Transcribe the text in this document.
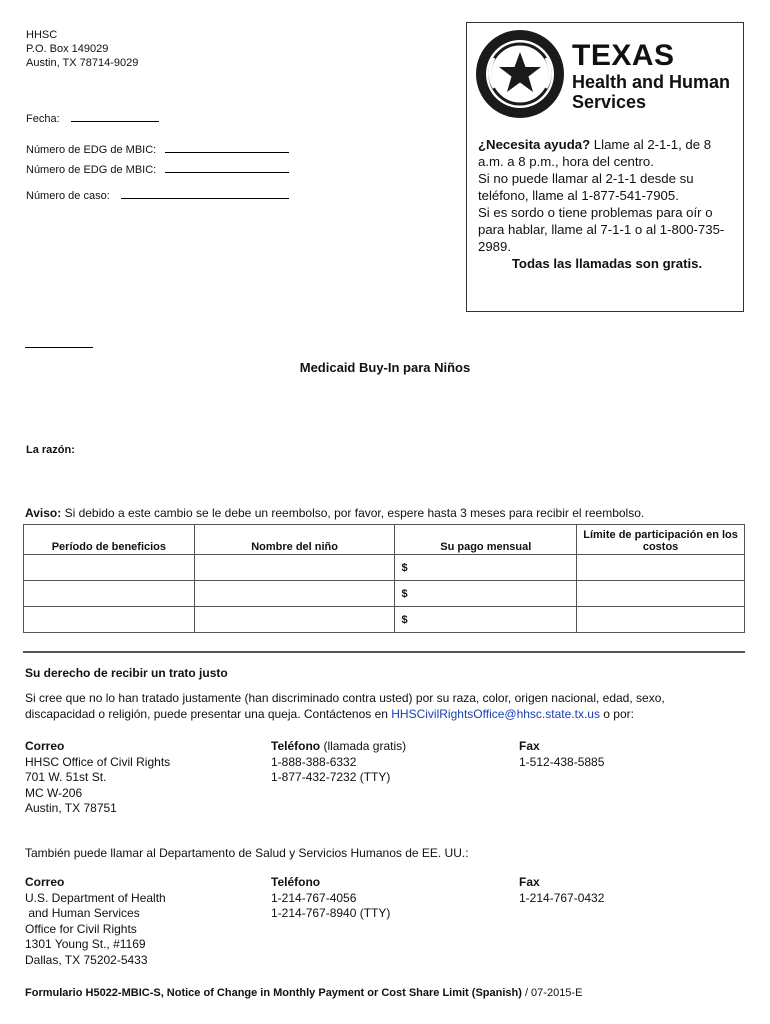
HHSC
P.O. Box 149029
Austin, TX 78714-9029
Fecha:
Número de EDG de MBIC:
Número de EDG de MBIC:
Número de caso:
TEXAS
Health and Human
Services
¿Necesita ayuda? Llame al 2-1-1, de 8 a.m. a 8 p.m., hora del centro.
Si no puede llamar al 2-1-1 desde su teléfono, llame al 1-877-541-7905.
Si es sordo o tiene problemas para oír o para hablar, llame al 7-1-1 o al 1-800-735-2989.

Todas las llamadas son gratis.
Medicaid Buy-In para Niños
La razón:
Aviso: Si debido a este cambio se le debe un reembolso, por favor, espere hasta 3 meses para recibir el reembolso.
Período de beneficios	Nombre del niño	Su pago mensual	Límite de participación en los costos
		$	
		$	
		$	
Su derecho de recibir un trato justo
Si cree que no lo han tratado justamente (han discriminado contra usted) por su raza, color, origen nacional, edad, sexo, discapacidad o religión, puede presentar una queja. Contáctenos en HHSCivilRightsOffice@hhsc.state.tx.us o por:
Correo
HHSC Office of Civil Rights
701 W. 51st St.
MC W-206
Austin, TX 78751
Teléfono (llamada gratis)
1-888-388-6332
1-877-432-7232 (TTY)
Fax
1-512-438-5885
También puede llamar al Departamento de Salud y Servicios Humanos de EE. UU.:
Correo
U.S. Department of Health
and Human Services
Office for Civil Rights
1301 Young St., #1169
Dallas, TX 75202-5433
Teléfono
1-214-767-4056
1-214-767-8940 (TTY)
Fax
1-214-767-0432
Formulario H5022-MBIC-S, Notice of Change in Monthly Payment or Cost Share Limit (Spanish) / 07-2015-E
